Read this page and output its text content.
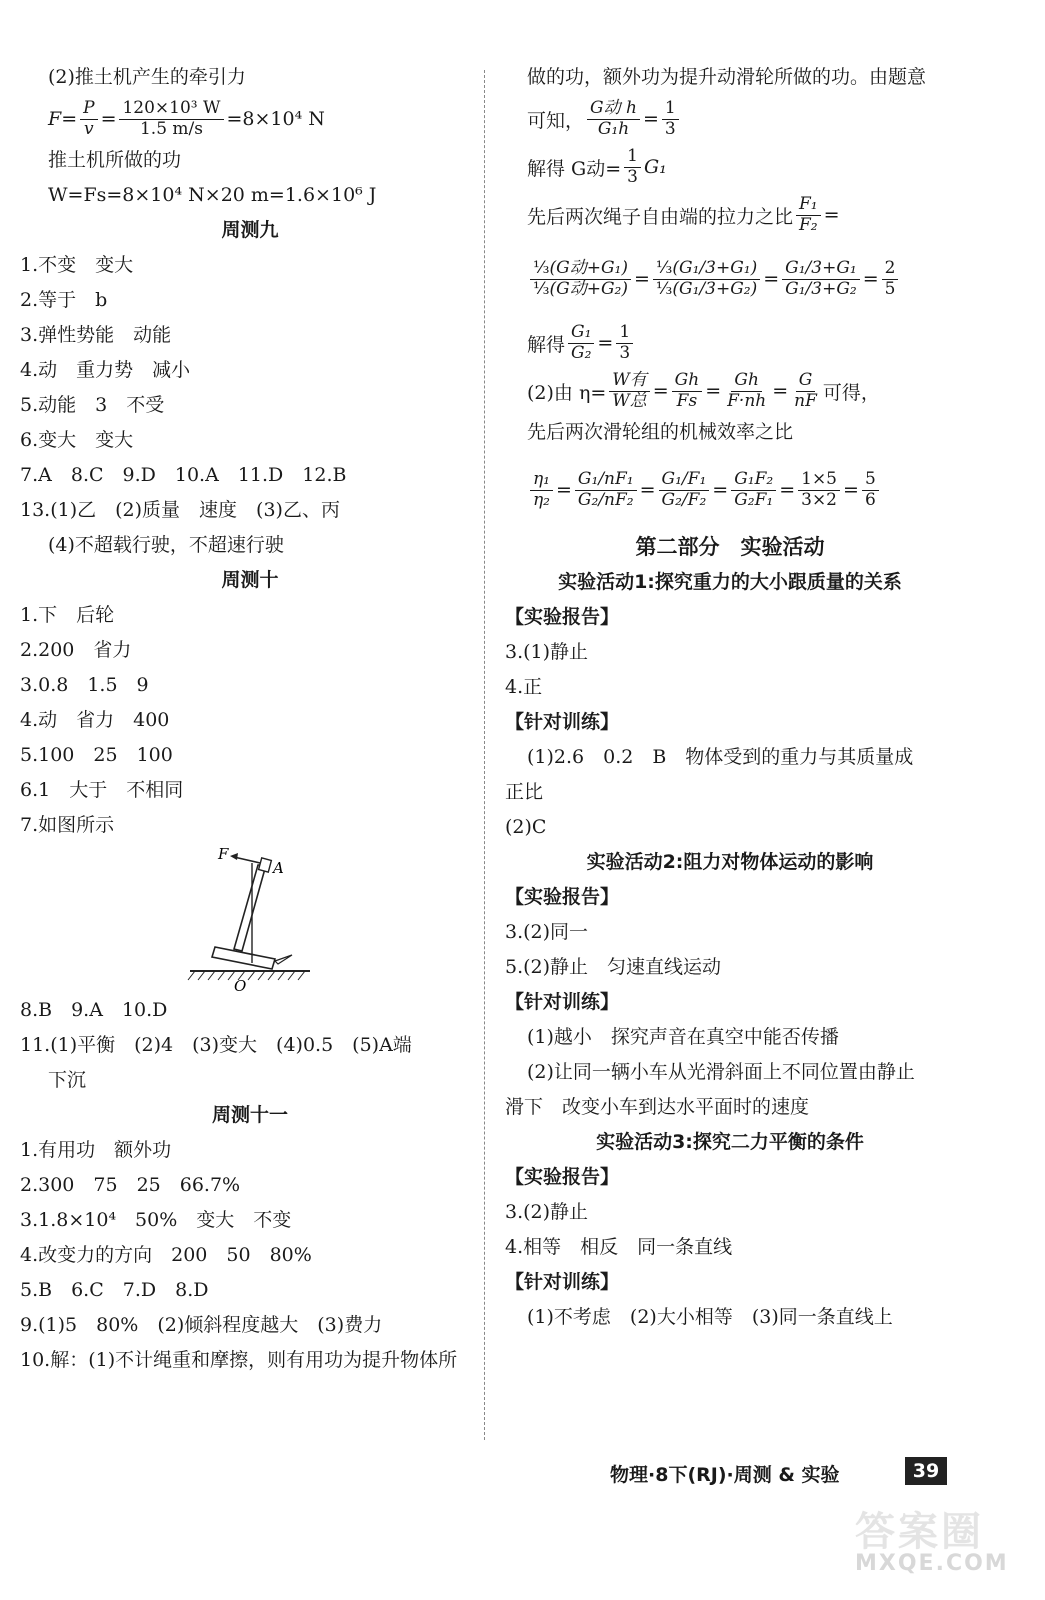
(2)推土机产生的牵引力
$F = \frac{P}{v} = \frac{\text{120×10³ W}}{1.5 m/s} =8\times 10^4$ N
推土机所做的功
W=Fs=8×10⁴ N×20 m=1.6×10⁶ J
周测九
1.不变　变大
2.等于　b
3.弹性势能　动能
4.动　重力势　减小
5.动能　3　不受
6.变大　变大
7.A　8.C　9.D　10.A　11.D　12.B
13.(1)乙　(2)质量　速度　(3)乙、丙
(4)不超载行驶，不超速行驶
周测十
1.下　后轮
2.200　省力
3.0.8　1.5　9
4.动　省力　400
5.100　25　100
6.1　大于　不相同
7.如图所示
F
A
O
8.B　9.A　10.D
11.(1)平衡　(2)4　(3)变大　(4)0.5　(5)A端
下沉
周测十一
1.有用功　额外功
2.300　75　25　66.7%
3.1.8×10⁴　50%　变大　不变
4.改变力的方向　200　50　80%
5.B　6.C　7.D　8.D
9.(1)5　80%　(2)倾斜程度越大　(3)费力
10.解：(1)不计绳重和摩擦，则有用功为提升物体所
做的功，额外功为提升动滑轮所做的功。由题意
可知， $\frac{\text{G动 h}}{\text{G₁h}} = \frac{1}{3}$
解得 G动= $\frac{1}{3} G_1$
先后两次绳子自由端的拉力之比 $\frac{\text{F₁}}{\text{F₂}}$ =
$\frac{\text{⅓(G动+G₁)}}{\text{⅓(G动+G₂)}} = \frac{\text{⅓(G₁/3+G₁)}}{\text{⅓(G₁/3+G₂)}} = \frac{\text{G₁/3+G₁}}{\text{G₁/3+G₂}} = \frac{2}{5}$
解得 $\frac{\text{G₁}}{\text{G₂}} = \frac{1}{3}$
(2)由 $\eta= \frac{\text{W有}}{\text{W总}} = \frac{Gh}{Fs} = \frac{Gh}{F\cdot nh} = \frac{G}{nF}$ 可得，
先后两次滑轮组的机械效率之比
$\frac{\text{η₁}}{\text{η₂}} = \frac{\text{G₁/nF₁}}{\text{G₂/nF₂}} = \frac{\text{G₁/F₁}}{\text{G₂/F₂}} = \frac{\text{G₁F₂}}{\text{G₂F₁}} = \frac{1\times 5}{3\times 2} = \frac{5}{6}$
第二部分　实验活动
实验活动1:探究重力的大小跟质量的关系
【实验报告】
3.(1)静止
4.正
【针对训练】
(1)2.6　0.2　B　物体受到的重力与其质量成
正比
(2)C
实验活动2:阻力对物体运动的影响
【实验报告】
3.(2)同一
5.(2)静止　匀速直线运动
【针对训练】
(1)越小　探究声音在真空中能否传播
(2)让同一辆小车从光滑斜面上不同位置由静止
滑下　改变小车到达水平面时的速度
实验活动3:探究二力平衡的条件
【实验报告】
3.(2)静止
4.相等　相反　同一条直线
【针对训练】
(1)不考虑　(2)大小相等　(3)同一条直线上
物理·8下(RJ)·周测 & 实验	39
答案圈
MXQE.COM
